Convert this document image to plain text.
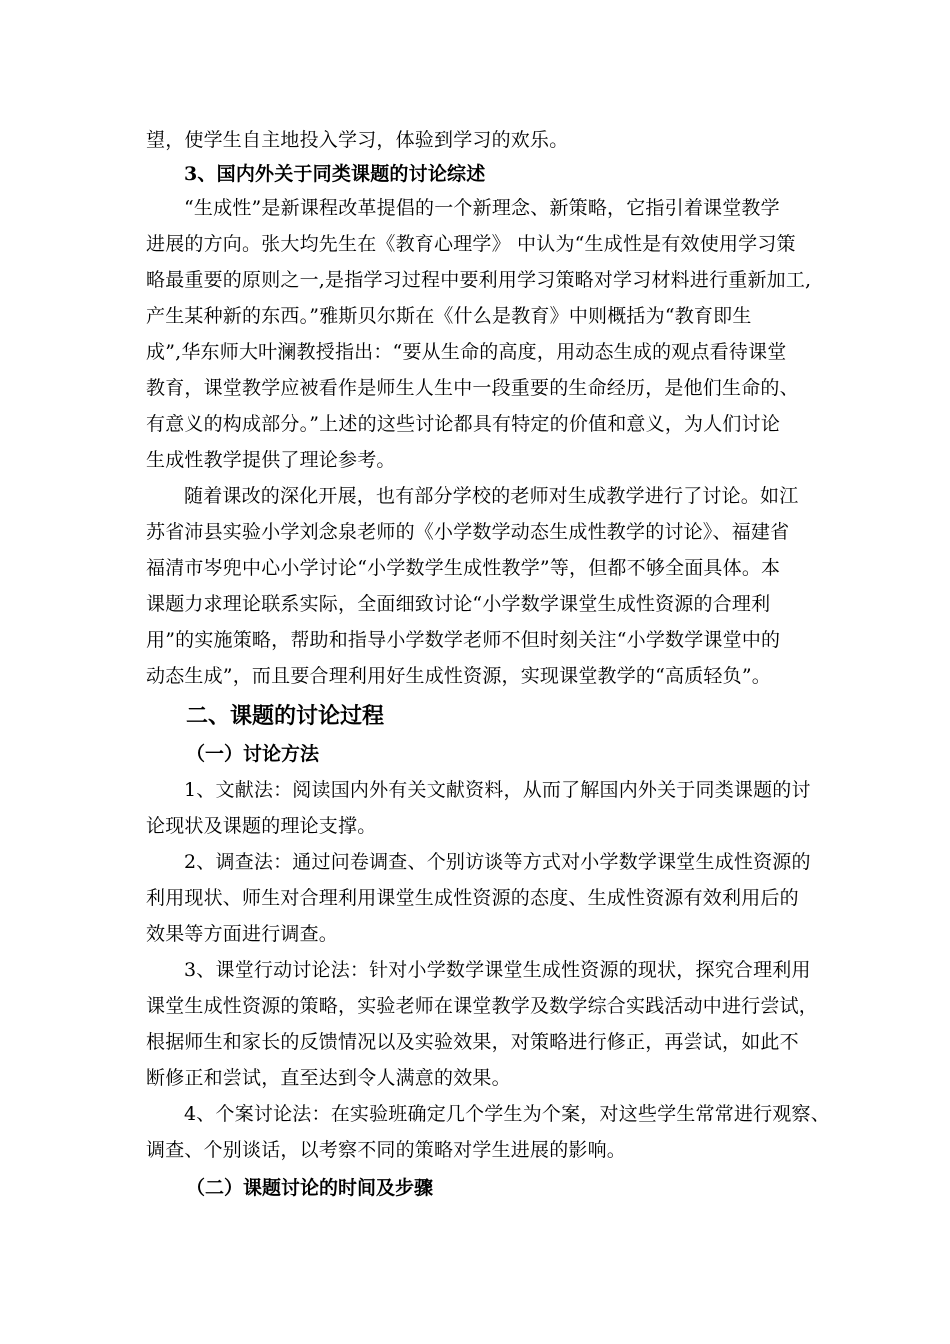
望，使学生自主地投入学习，体验到学习的欢乐。
3、国内外关于同类课题的讨论综述
“生成性”是新课程改革提倡的一个新理念、新策略，它指引着课堂教学
进展的方向。张大均先生在《教育心理学》 中认为“生成性是有效使用学习策
略最重要的原则之一,是指学习过程中要利用学习策略对学习材料进行重新加工,
产生某种新的东西。”雅斯贝尔斯在《什么是教育》中则概括为“教育即生
成”,华东师大叶澜教授指出：“要从生命的高度，用动态生成的观点看待课堂
教育，课堂教学应被看作是师生人生中一段重要的生命经历，是他们生命的、
有意义的构成部分。”上述的这些讨论都具有特定的价值和意义，为人们讨论
生成性教学提供了理论参考。
随着课改的深化开展，也有部分学校的老师对生成教学进行了讨论。如江
苏省沛县实验小学刘念泉老师的《小学数学动态生成性教学的讨论》、福建省
福清市岑兜中心小学讨论“小学数学生成性教学”等，但都不够全面具体。本
课题力求理论联系实际，全面细致讨论“小学数学课堂生成性资源的合理利
用”的实施策略，帮助和指导小学数学老师不但时刻关注“小学数学课堂中的
动态生成”，而且要合理利用好生成性资源，实现课堂教学的“高质轻负”。
二、课题的讨论过程
（一）讨论方法
1、文献法：阅读国内外有关文献资料，从而了解国内外关于同类课题的讨
论现状及课题的理论支撑。
2、调查法：通过问卷调查、个别访谈等方式对小学数学课堂生成性资源的
利用现状、师生对合理利用课堂生成性资源的态度、生成性资源有效利用后的
效果等方面进行调查。
3、课堂行动讨论法：针对小学数学课堂生成性资源的现状，探究合理利用
课堂生成性资源的策略，实验老师在课堂教学及数学综合实践活动中进行尝试，
根据师生和家长的反馈情况以及实验效果，对策略进行修正，再尝试，如此不
断修正和尝试，直至达到令人满意的效果。
4、个案讨论法：在实验班确定几个学生为个案，对这些学生常常进行观察、
调查、个别谈话，以考察不同的策略对学生进展的影响。
（二）课题讨论的时间及步骤
